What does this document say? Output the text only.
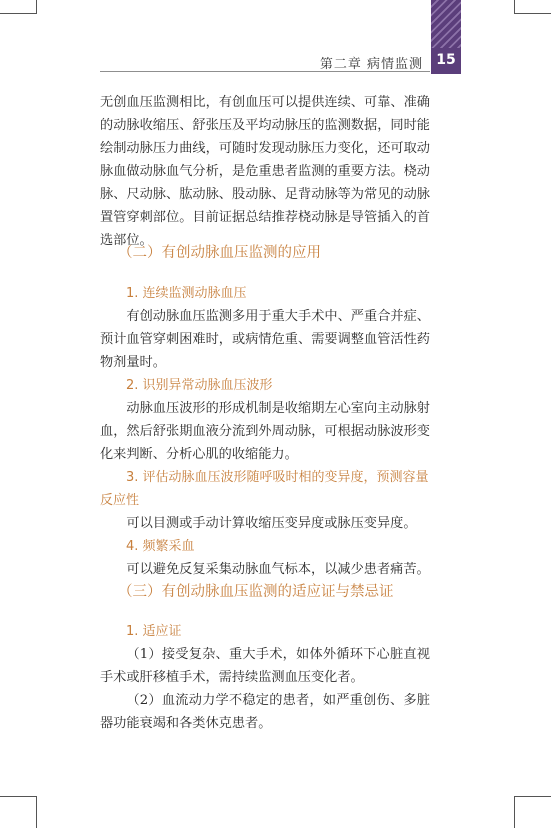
第二章 病情监测 15

无创血压监测相比，有创血压可以提供连续、可靠、准确的动脉收缩压、舒张压及平均动脉压的监测数据，同时能绘制动脉压力曲线，可随时发现动脉压力变化，还可取动脉血做动脉血气分析，是危重患者监测的重要方法。桡动脉、尺动脉、肱动脉、股动脉、足背动脉等为常见的动脉置管穿刺部位。目前证据总结推荐桡动脉是导管插入的首选部位。

（二）有创动脉血压监测的应用
1. 连续监测动脉血压

有创动脉血压监测多用于重大手术中、严重合并症、预计血管穿刺困难时，或病情危重、需要调整血管活性药物剂量时。

2. 识别异常动脉血压波形

动脉血压波形的形成机制是收缩期左心室向主动脉射血，然后舒张期血液分流到外周动脉，可根据动脉波形变化来判断、分析心肌的收缩能力。

3. 评估动脉血压波形随呼吸时相的变异度，预测容量反应性

可以目测或手动计算收缩压变异度或脉压变异度。

4. 频繁采血

可以避免反复采集动脉血气标本，以减少患者痛苦。

（三）有创动脉血压监测的适应证与禁忌证
1. 适应证

（1）接受复杂、重大手术，如体外循环下心脏直视手术或肝移植手术，需持续监测血压变化者。

（2）血流动力学不稳定的患者，如严重创伤、多脏器功能衰竭和各类休克患者。
